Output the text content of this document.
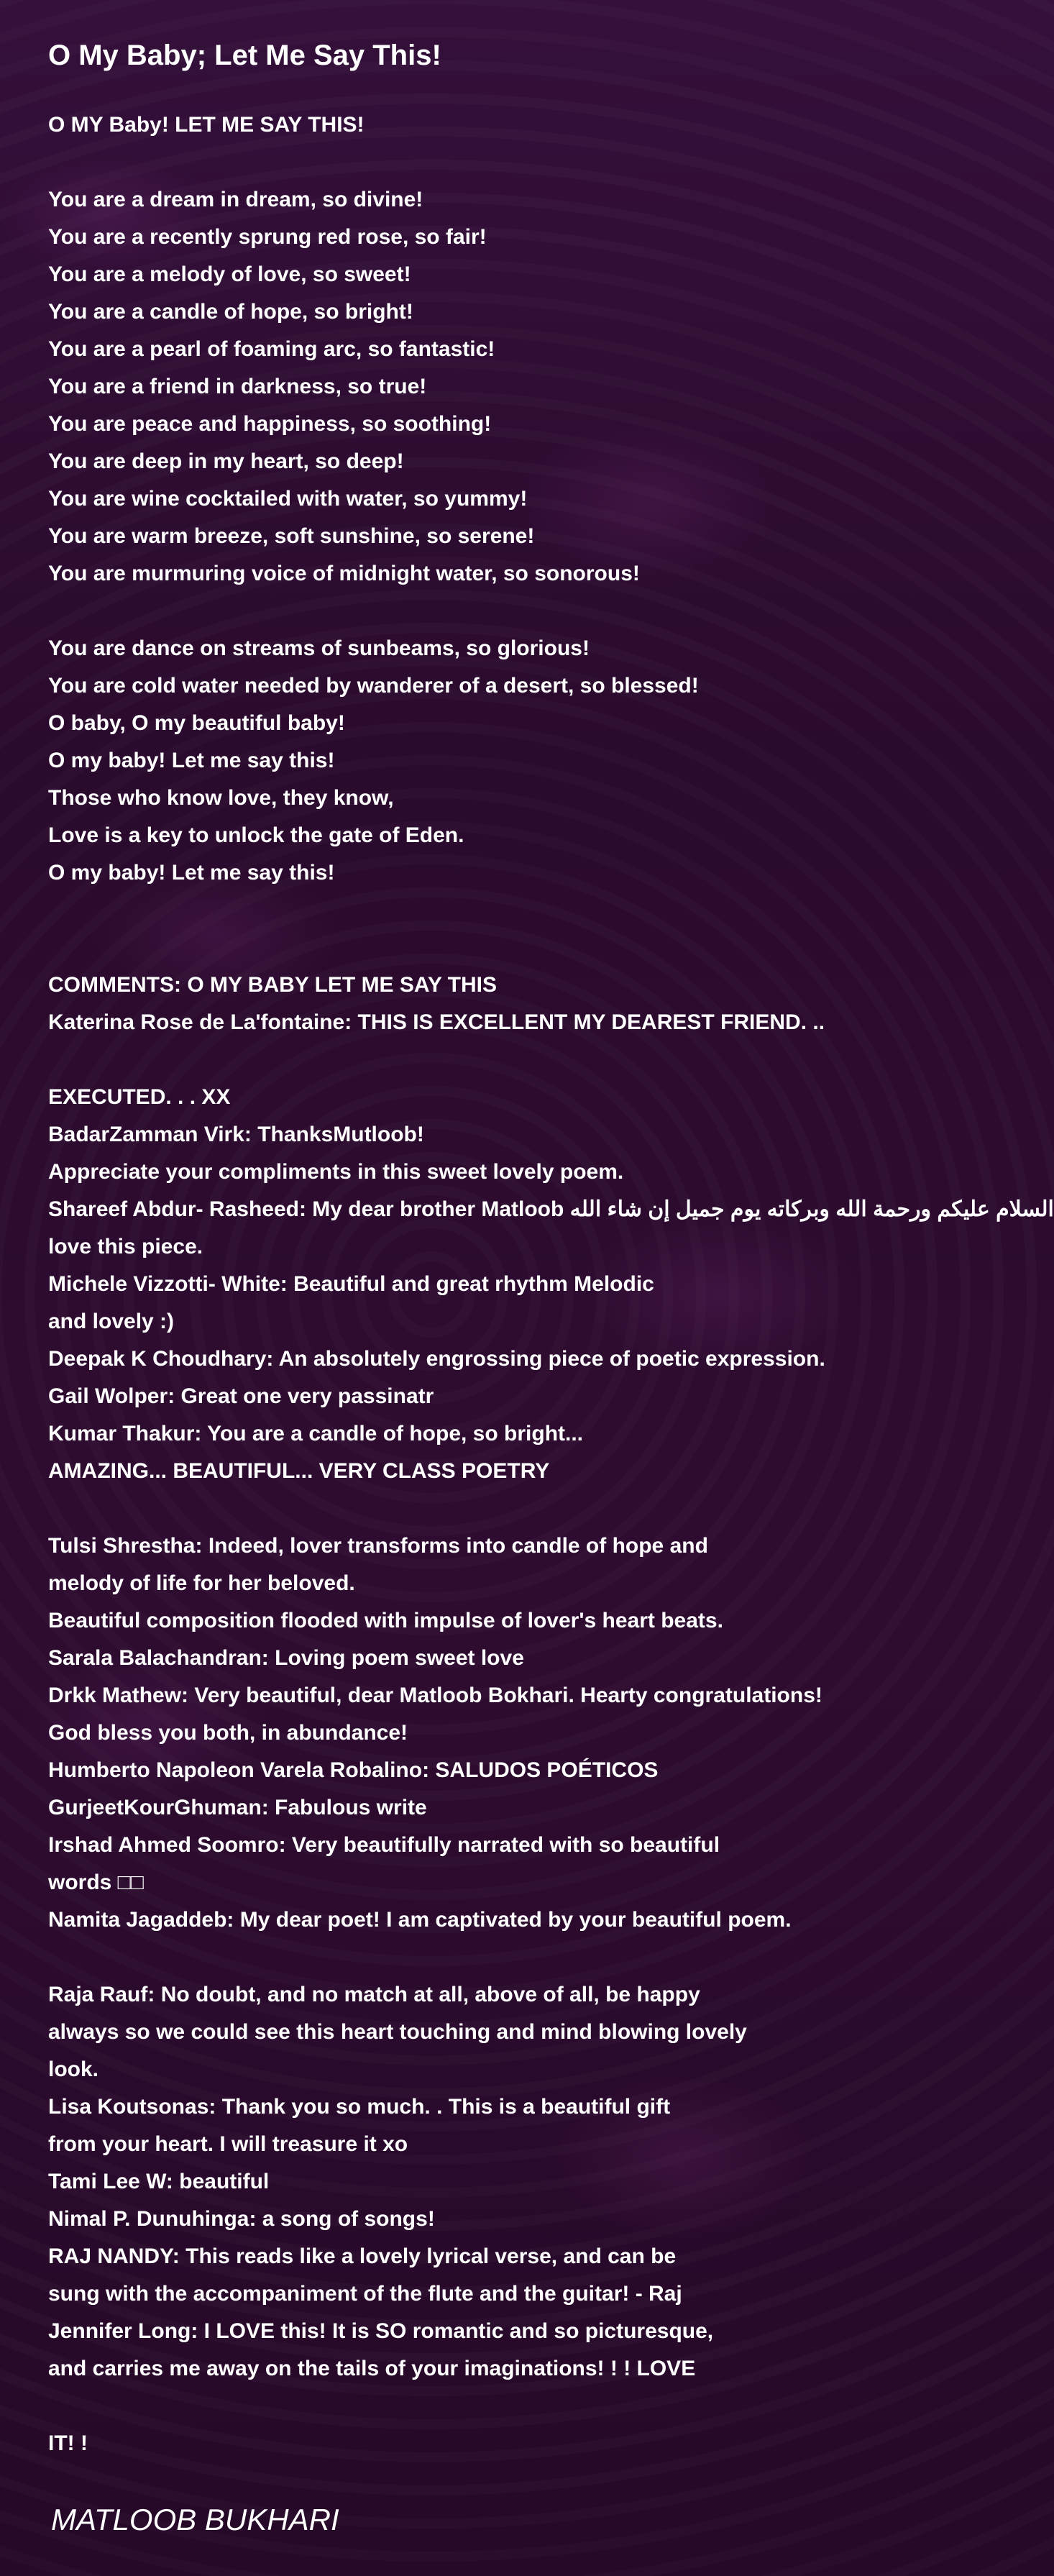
O My Baby; Let Me Say This!
O MY Baby! LET ME SAY THIS!
You are a dream in dream, so divine!
You are a recently sprung red rose, so fair!
You are a melody of love, so sweet!
You are a candle of hope, so bright!
You are a pearl of foaming arc, so fantastic!
You are a friend in darkness, so true!
You are peace and happiness, so soothing!
You are deep in my heart, so deep!
You are wine cocktailed with water, so yummy!
You are warm breeze, soft sunshine, so serene!
You are murmuring voice of midnight water, so sonorous!
You are dance on streams of sunbeams, so glorious!
You are cold water needed by wanderer of a desert, so blessed!
O baby, O my beautiful baby!
O my baby! Let me say this!
Those who know love, they know,
Love is a key to unlock the gate of Eden.
O my baby! Let me say this!
COMMENTS: O MY BABY LET ME SAY THIS
Katerina Rose de La'fontaine: THIS IS EXCELLENT MY DEAREST FRIEND. ..
EXECUTED. . . XX
BadarZamman Virk: ThanksMutloob!
Appreciate your compliments in this sweet lovely poem.
Shareef Abdur- Rasheed: My dear brother Matloob السلام عليكم ورحمة الله وبركاته يوم جميل إن شاء الله
love this piece.
Michele Vizzotti- White: Beautiful and great rhythm Melodic
and lovely :)
Deepak K Choudhary: An absolutely engrossing piece of poetic expression.
Gail Wolper: Great one very passinatr
Kumar Thakur: You are a candle of hope, so bright...
AMAZING... BEAUTIFUL... VERY CLASS POETRY
Tulsi Shrestha: Indeed, lover transforms into candle of hope and
melody of life for her beloved.
Beautiful composition flooded with impulse of lover's heart beats.
Sarala Balachandran: Loving poem sweet love
Drkk Mathew: Very beautiful, dear Matloob Bokhari. Hearty congratulations!
God bless you both, in abundance!
Humberto Napoleon Varela Robalino: SALUDOS POÉTICOS
GurjeetKourGhuman: Fabulous write
Irshad Ahmed Soomro: Very beautifully narrated with so beautiful
words □□
Namita Jagaddeb: My dear poet! I am captivated by your beautiful poem.
Raja Rauf: No doubt, and no match at all, above of all, be happy
always so we could see this heart touching and mind blowing lovely
look.
Lisa Koutsonas: Thank you so much. . This is a beautiful gift
from your heart. I will treasure it xo
Tami Lee W: beautiful
Nimal P. Dunuhinga: a song of songs!
RAJ NANDY: This reads like a lovely lyrical verse, and can be
sung with the accompaniment of the flute and the guitar! - Raj
Jennifer Long: I LOVE this! It is SO romantic and so picturesque,
and carries me away on the tails of your imaginations! ! ! LOVE
IT! !
MATLOOB BUKHARI
